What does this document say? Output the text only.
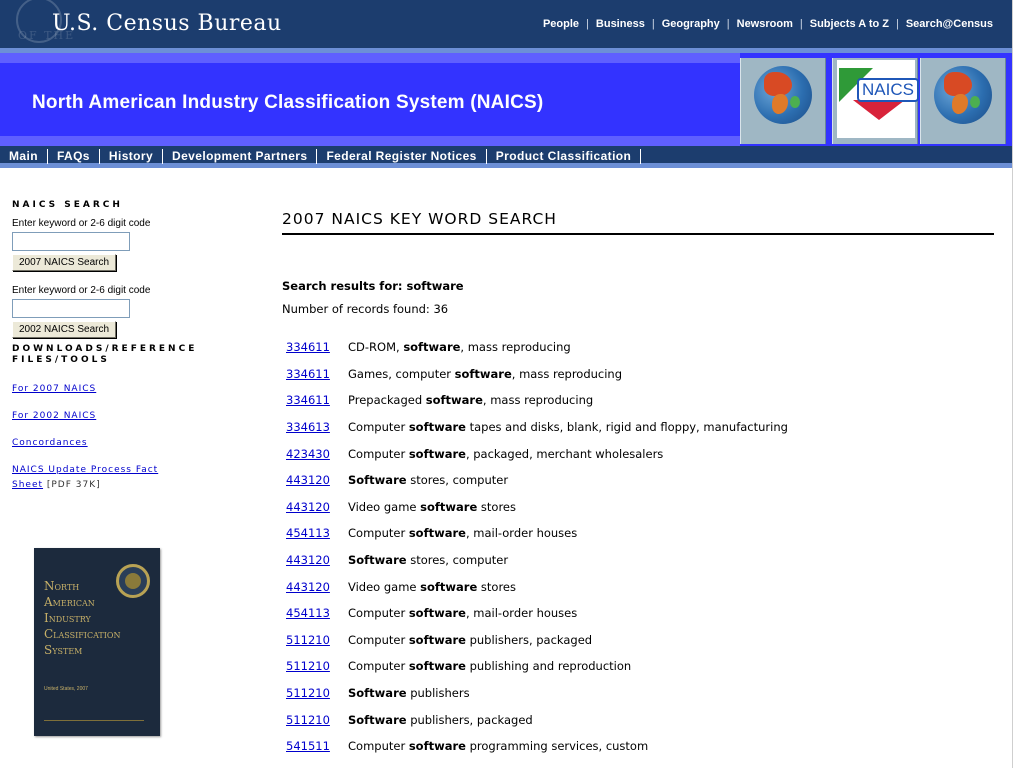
OF THE
U.S. Census Bureau	People | Business | Geography | Newsroom | Subjects A to Z | Search@Census
North American Industry Classification System (NAICS)
NAICS
Main	FAQs	History	Development Partners	Federal Register Notices	Product Classification
NAICS SEARCH
Enter keyword or 2-6 digit code
2007 NAICS Search
Enter keyword or 2-6 digit code
2002 NAICS Search
DOWNLOADS/REFERENCE FILES/TOOLS
For 2007 NAICS
For 2002 NAICS
Concordances
NAICS Update Process Fact
Sheet [PDF 37K]
North
American
Industry
Classification
System
United States, 2007
2007 NAICS KEY WORD SEARCH
Search results for: software
Number of records found: 36
334611	CD-ROM, software , mass reproducing
334611	Games, computer software , mass reproducing
334611	Prepackaged software , mass reproducing
334613	Computer software tapes and disks, blank, rigid and floppy, manufacturing
423430	Computer software , packaged, merchant wholesalers
443120	Software stores, computer
443120	Video game software stores
454113	Computer software , mail-order houses
443120	Software stores, computer
443120	Video game software stores
454113	Computer software , mail-order houses
511210	Computer software publishers, packaged
511210	Computer software publishing and reproduction
511210	Software publishers
511210	Software publishers, packaged
541511	Computer software programming services, custom
